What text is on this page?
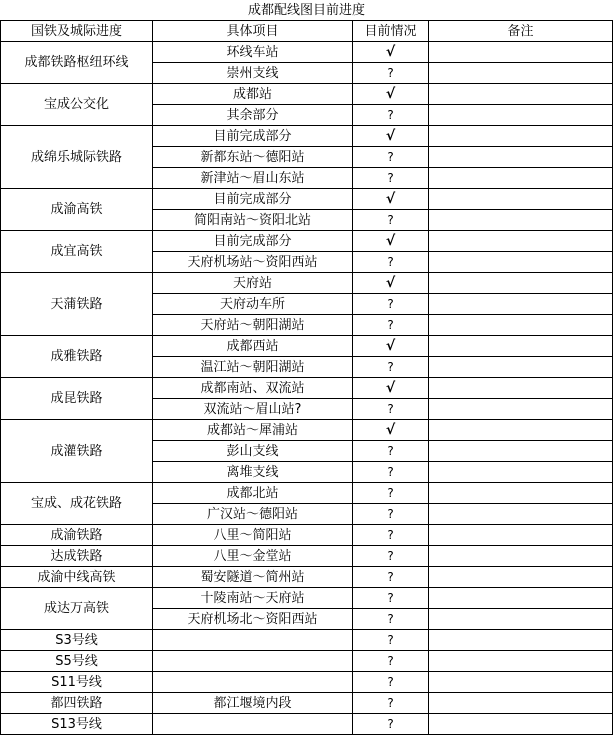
成都配线图目前进度			
国铁及城际进度	具体项目	目前情况	备注
成都铁路枢纽环线	环线车站	√	
	崇州支线	?	
宝成公交化	成都站	√	
	其余部分	?	
成绵乐城际铁路	目前完成部分	√	
	新都东站～德阳站	?	
	新津站～眉山东站	?	
成渝高铁	目前完成部分	√	
	简阳南站～资阳北站	?	
成宜高铁	目前完成部分	√	
	天府机场站～资阳西站	?	
天蒲铁路	天府站	√	
	天府动车所	?	
	天府站～朝阳湖站	?	
成雅铁路	成都西站	√	
	温江站～朝阳湖站	?	
成昆铁路	成都南站、双流站	√	
	双流站～眉山站?	?	
成灌铁路	成都站～犀浦站	√	
	彭山支线	?	
	离堆支线	?	
宝成、成花铁路	成都北站	?	
	广汉站～德阳站	?	
成渝铁路	八里～简阳站	?	
达成铁路	八里～金堂站	?	
成渝中线高铁	蜀安隧道～简州站	?	
成达万高铁	十陵南站～天府站	?	
	天府机场北～资阳西站	?	
S3号线		?	
S5号线		?	
S11号线		?	
都四铁路	都江堰境内段	?	
S13号线		?	
